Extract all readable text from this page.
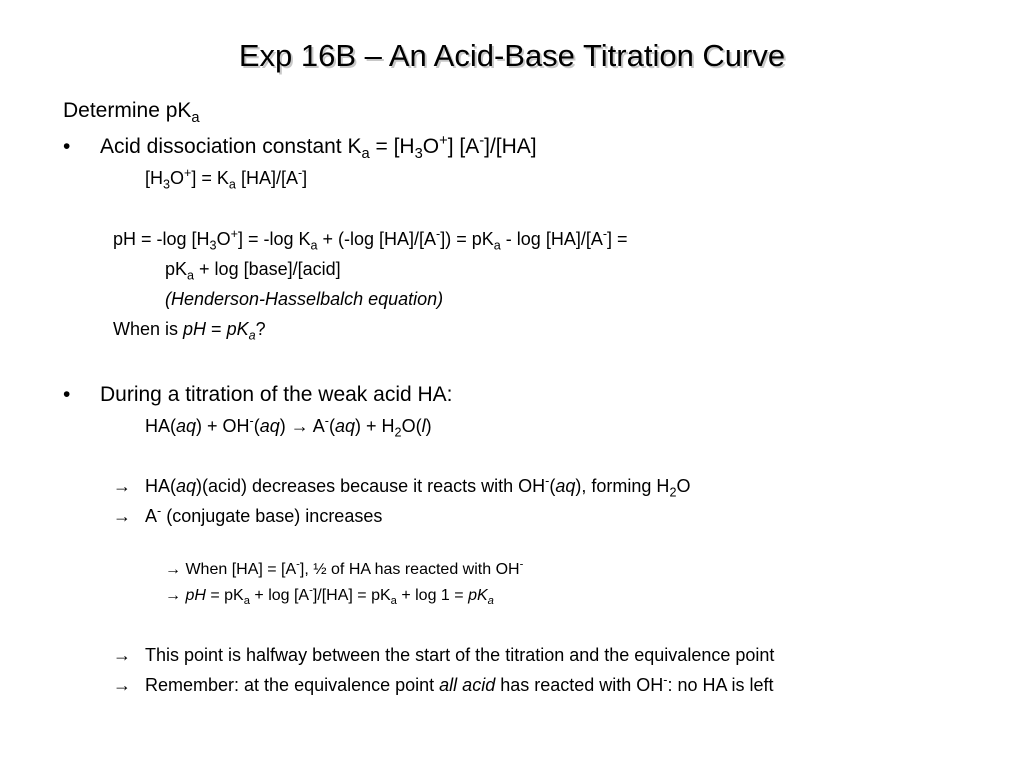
Exp 16B – An Acid-Base Titration Curve
Determine $pK_a$
• Acid dissociation constant $K_a = [H_3O^+]$ [A-]/[HA]
$[H_3O^+] = K_a$ [HA]/[A-]
pH = -log $[H_3O^+] = -\log$ $K_a + (-\log$ $[HA]/[A^-]) = pK_a - \log [HA]/[A^-]$ =
$pK_a + \log$ [base]/[acid]
(Henderson-Hasselbalch equation)
When is pH = $pK_a$?
• During a titration of the weak acid HA:
$HA(aq) + OH^-(aq) \to A^-(aq) + H_2O(l)$
→ HA(aq)(acid) decreases because it reacts with OH-(aq), forming $H_2O$
→ A- (conjugate base) increases
→ When [HA] = [A-], ½ of HA has reacted with OH-
→ pH = $pK_a + \log [A^-]/[HA] = pK_a + \log 1 = pK_a$
→ This point is halfway between the start of the titration and the equivalence point
→ Remember: at the equivalence point all acid has reacted with OH-: no HA is left
